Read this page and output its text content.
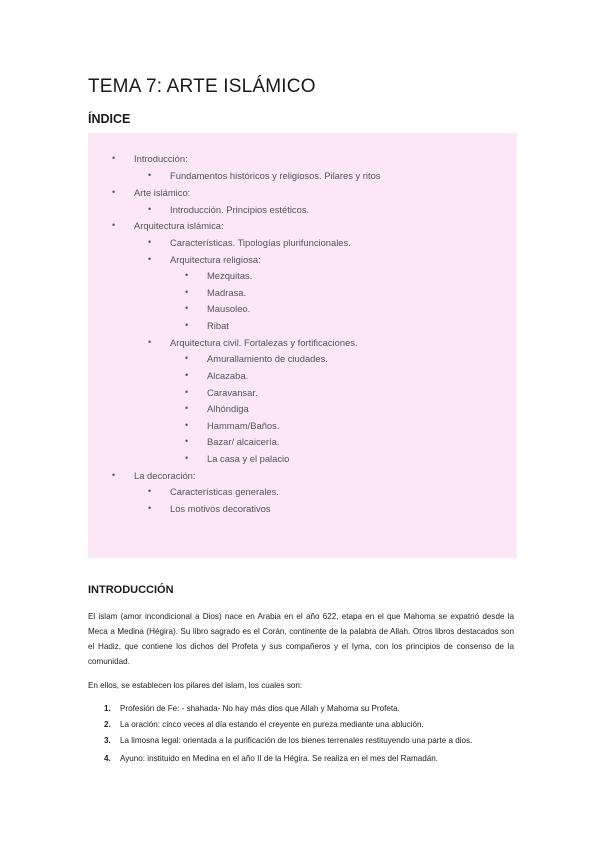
TEMA 7: ARTE ISLÁMICO
ÍNDICE
• Introducción:
• Fundamentos históricos y religiosos. Pilares y ritos
• Arte islámico:
• Introducción. Principios estéticos.
• Arquitectura islámica:
• Características. Tipologías plurifuncionales.
• Arquitectura religiosa:
• Mezquitas.
• Madrasa.
• Mausoleo.
• Ribat
• Arquitectura civil. Fortalezas y fortificaciones.
• Amurallamiento de ciudades.
• Alcazaba.
• Caravansar.
• Alhóndiga
• Hammam/Baños.
• Bazar/ alcaicería.
• La casa y el palacio
• La decoración:
• Características generales.
• Los motivos decorativos
INTRODUCCIÓN
El islam (amor incondicional a Dios) nace en Arabia en el año 622, etapa en el que Mahoma se expatrió desde la Meca a Medina (Hégira). Su libro sagrado es el Corán, continente de la palabra de Allah. Otros libros destacados son el Hadiz, que contiene los dichos del Profeta y sus compañeros y el Iyma, con los principios de consenso de la comunidad.
En ellos, se establecen los pilares del islam, los cuales son:
1. Profesión de Fe: - shahada- No hay más dios que Allah y Mahoma su Profeta.
2. La oración: cinco veces al día estando el creyente en pureza mediante una ablución.
3. La limosna legal: orientada a la purificación de los bienes terrenales restituyendo una parte a dios.
4. Ayuno: instituido en Medina en el año II de la Hégira. Se realiza en el mes del Ramadán.
